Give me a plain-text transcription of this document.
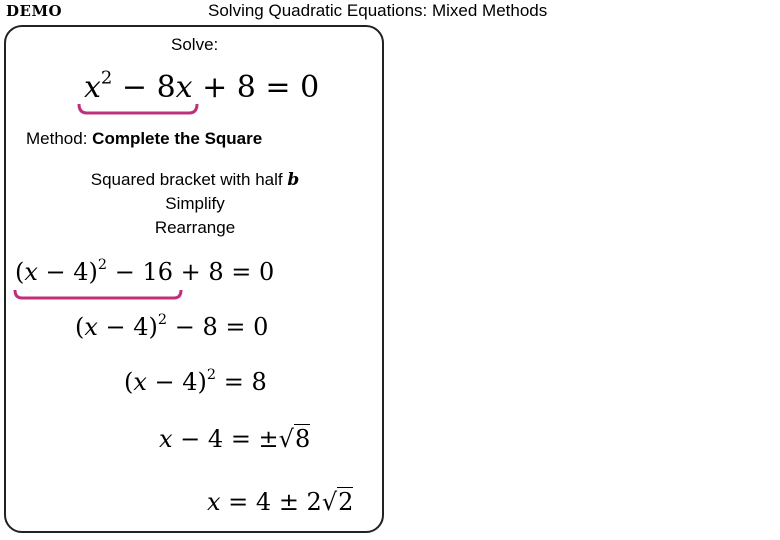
DEMO	Solving Quadratic Equations: Mixed Methods
Solve:
$x^2 - 8x + 8 = 0$
Method: Complete the Square
Squared bracket with half b
Simplify
Rearrange
$(x - 4)^2 - 16 + 8 = 0$
$(x - 4)^2 - 8 = 0$
$(x - 4)^2 = 8$
x − 4 = ±√8
x = 4 ± 2√2
